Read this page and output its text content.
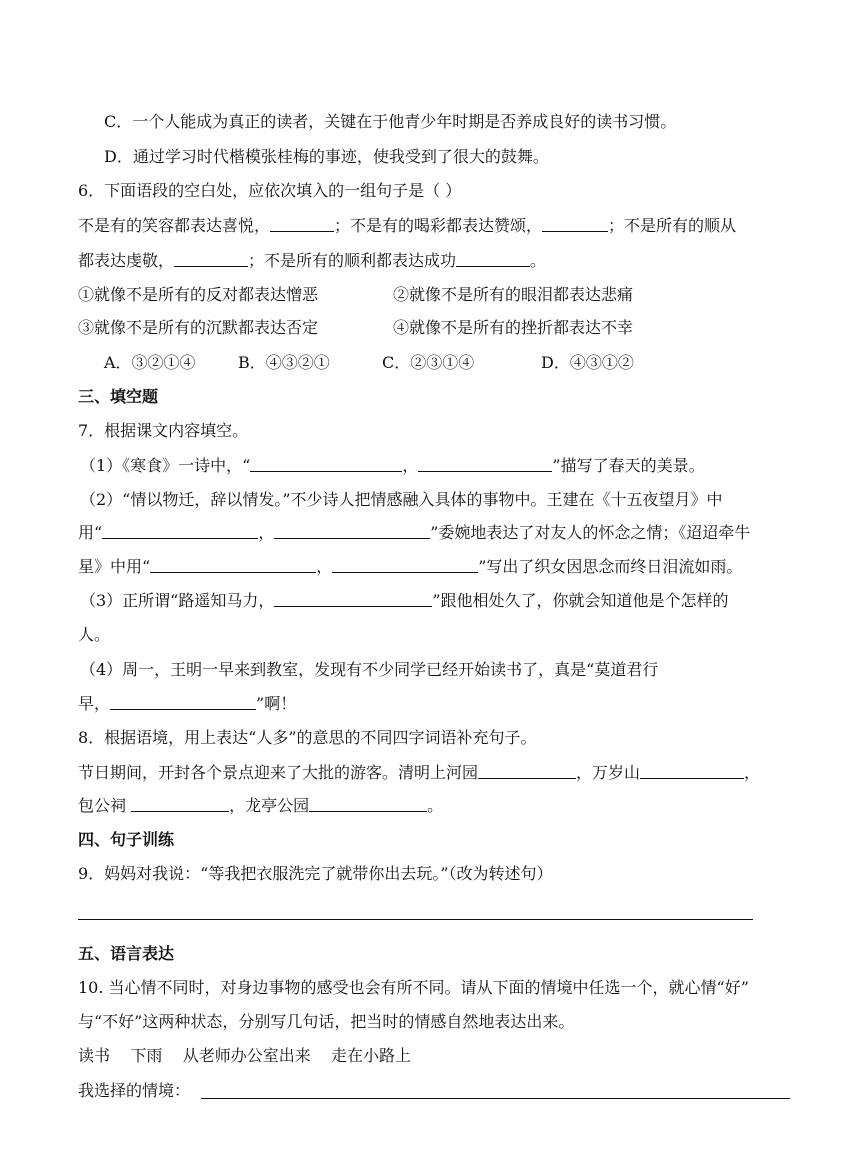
C．一个人能成为真正的读者，关键在于他青少年时期是否养成良好的读书习惯。
D．通过学习时代楷模张桂梅的事迹，使我受到了很大的鼓舞。
6．下面语段的空白处，应依次填入的一组句子是（ ）
不是有的笑容都表达喜悦，	；不是有的喝彩都表达赞颂，	；不是所有的顺从
都表达虔敬，	；不是所有的顺利都表达成功	。
①就像不是所有的反对都表达憎恶	②就像不是所有的眼泪都表达悲痛
③就像不是所有的沉默都表达否定	④就像不是所有的挫折都表达不幸
A．③②①④	B．④③②①	C．②③①④	D．④③①②
三、填空题
7．根据课文内容填空。
（1）《寒食》一诗中，“	，	”描写了春天的美景。
（2）“情以物迁，辞以情发。”不少诗人把情感融入具体的事物中。王建在《十五夜望月》中
用“	，	”委婉地表达了对友人的怀念之情；《迢迢牵牛
星》中用“	，	”写出了织女因思念而终日泪流如雨。
（3）正所谓“路遥知马力，	”跟他相处久了，你就会知道他是个怎样的
人。
（4）周一，王明一早来到教室，发现有不少同学已经开始读书了，真是“莫道君行
早，	”啊！
8．根据语境，用上表达“人多”的意思的不同四字词语补充句子。
节日期间，开封各个景点迎来了大批的游客。清明上河园	，万岁山	，
包公祠	，龙亭公园	。
四、句子训练
9．妈妈对我说：“等我把衣服洗完了就带你出去玩。”（改为转述句）
五、语言表达
10. 当心情不同时，对身边事物的感受也会有所不同。请从下面的情境中任选一个，就心情“好”
与“不好”这两种状态，分别写几句话，把当时的情感自然地表达出来。
读书    下雨    从老师办公室出来    走在小路上
我选择的情境：
